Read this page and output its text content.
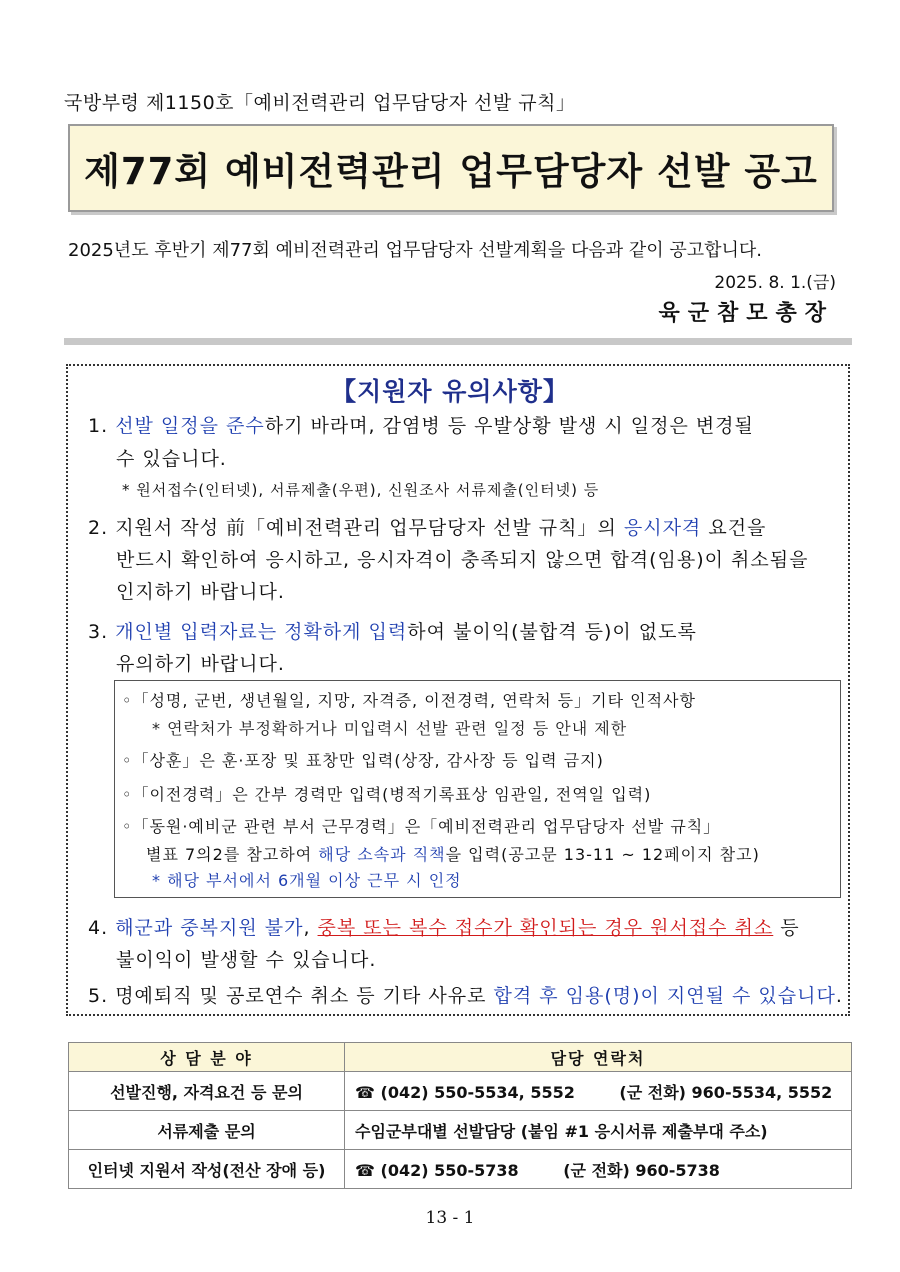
국방부령 제1150호「예비전력관리 업무담당자 선발 규칙」
제77회 예비전력관리 업무담당자 선발 공고
2025년도 후반기 제77회 예비전력관리 업무담당자 선발계획을 다음과 같이 공고합니다.
2025. 8. 1.(금)
육군참모총장
【지원자 유의사항】
1. 선발 일정을 준수하기 바라며, 감염병 등 우발상황 발생 시 일정은 변경될
수 있습니다.
* 원서접수(인터넷), 서류제출(우편), 신원조사 서류제출(인터넷) 등
2. 지원서 작성 前「예비전력관리 업무담당자 선발 규칙」의 응시자격 요건을
반드시 확인하여 응시하고, 응시자격이 충족되지 않으면 합격(임용)이 취소됨을
인지하기 바랍니다.
3. 개인별 입력자료는 정확하게 입력하여 불이익(불합격 등)이 없도록
유의하기 바랍니다.
◦「성명, 군번, 생년월일, 지망, 자격증, 이전경력, 연락처 등」기타 인적사항
* 연락처가 부정확하거나 미입력시 선발 관련 일정 등 안내 제한
◦「상훈」은 훈·포장 및 표창만 입력(상장, 감사장 등 입력 금지)
◦「이전경력」은 간부 경력만 입력(병적기록표상 임관일, 전역일 입력)
◦「동원·예비군 관련 부서 근무경력」은「예비전력관리 업무담당자 선발 규칙」
별표 7의2를 참고하여 해당 소속과 직책을 입력(공고문 13-11 ~ 12페이지 참고)
* 해당 부서에서 6개월 이상 근무 시 인정
4. 해군과 중복지원 불가, 중복 또는 복수 접수가 확인되는 경우 원서접수 취소 등
불이익이 발생할 수 있습니다.
5. 명예퇴직 및 공로연수 취소 등 기타 사유로 합격 후 임용(명)이 지연될 수 있습니다.
상 담 분 야	담당 연락처
선발진행, 자격요건 등 문의	☎ (042) 550-5534, 5552        (군 전화) 960-5534, 5552
서류제출 문의	수임군부대별 선발담당 (붙임 #1 응시서류 제출부대 주소)
인터넷 지원서 작성(전산 장애 등)	☎ (042) 550-5738        (군 전화) 960-5738
13 - 1
